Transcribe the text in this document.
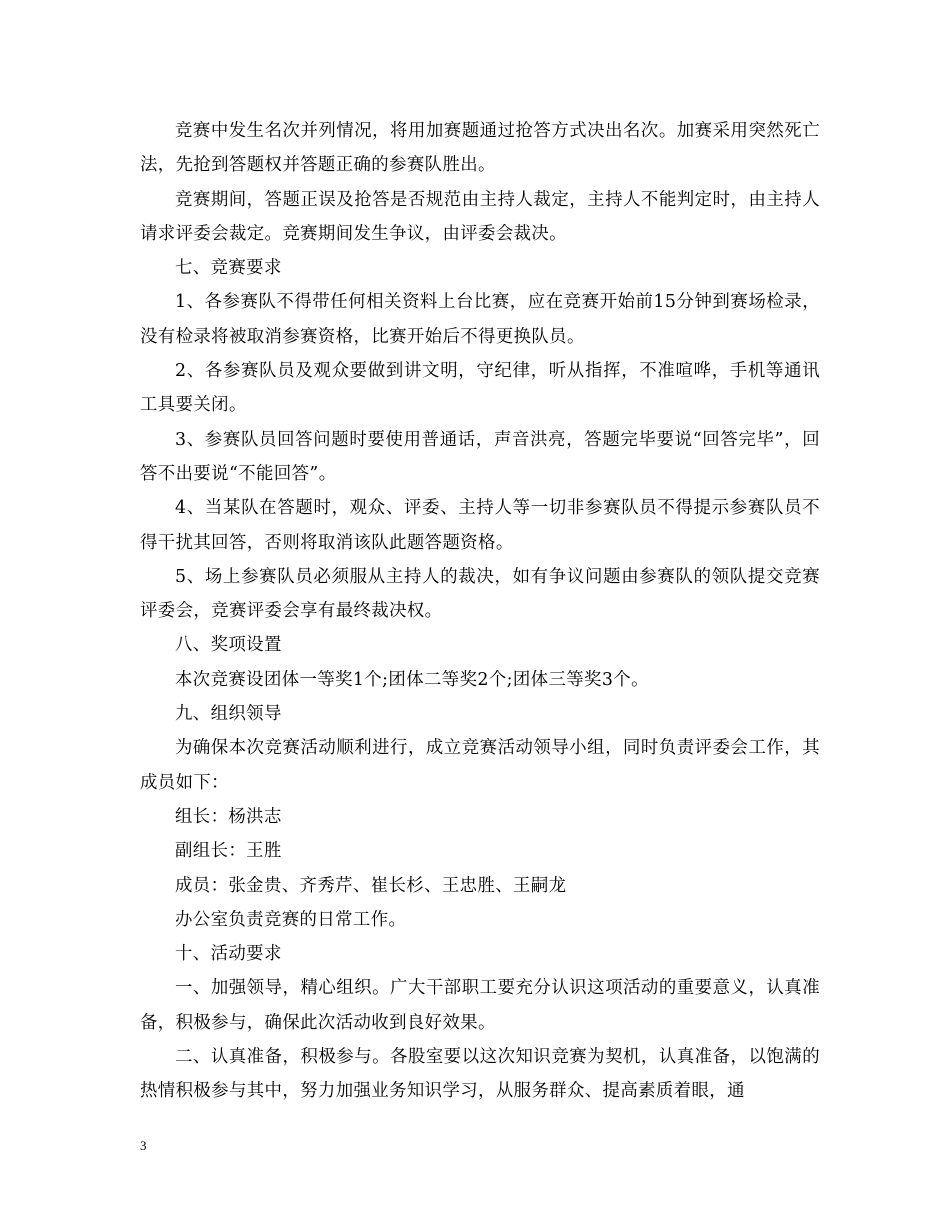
竞赛中发生名次并列情况，将用加赛题通过抢答方式决出名次。加赛采用突然死亡法，先抢到答题权并答题正确的参赛队胜出。

竞赛期间，答题正误及抢答是否规范由主持人裁定，主持人不能判定时，由主持人请求评委会裁定。竞赛期间发生争议，由评委会裁决。

七、竞赛要求

1、各参赛队不得带任何相关资料上台比赛，应在竞赛开始前15分钟到赛场检录，没有检录将被取消参赛资格，比赛开始后不得更换队员。

2、各参赛队员及观众要做到讲文明，守纪律，听从指挥，不准喧哗，手机等通讯工具要关闭。

3、参赛队员回答问题时要使用普通话，声音洪亮，答题完毕要说“回答完毕”，回答不出要说“不能回答”。

4、当某队在答题时，观众、评委、主持人等一切非参赛队员不得提示参赛队员不得干扰其回答，否则将取消该队此题答题资格。

5、场上参赛队员必须服从主持人的裁决，如有争议问题由参赛队的领队提交竞赛评委会，竞赛评委会享有最终裁决权。

八、奖项设置

本次竞赛设团体一等奖1个;团体二等奖2个;团体三等奖3个。

九、组织领导

为确保本次竞赛活动顺利进行，成立竞赛活动领导小组，同时负责评委会工作，其成员如下：

组长：杨洪志

副组长：王胜

成员：张金贵、齐秀芹、崔长杉、王忠胜、王嗣龙

办公室负责竞赛的日常工作。

十、活动要求

一、加强领导，精心组织。广大干部职工要充分认识这项活动的重要意义，认真准备，积极参与，确保此次活动收到良好效果。

二、认真准备，积极参与。各股室要以这次知识竞赛为契机，认真准备，以饱满的热情积极参与其中，努力加强业务知识学习，从服务群众、提高素质着眼，通

3
